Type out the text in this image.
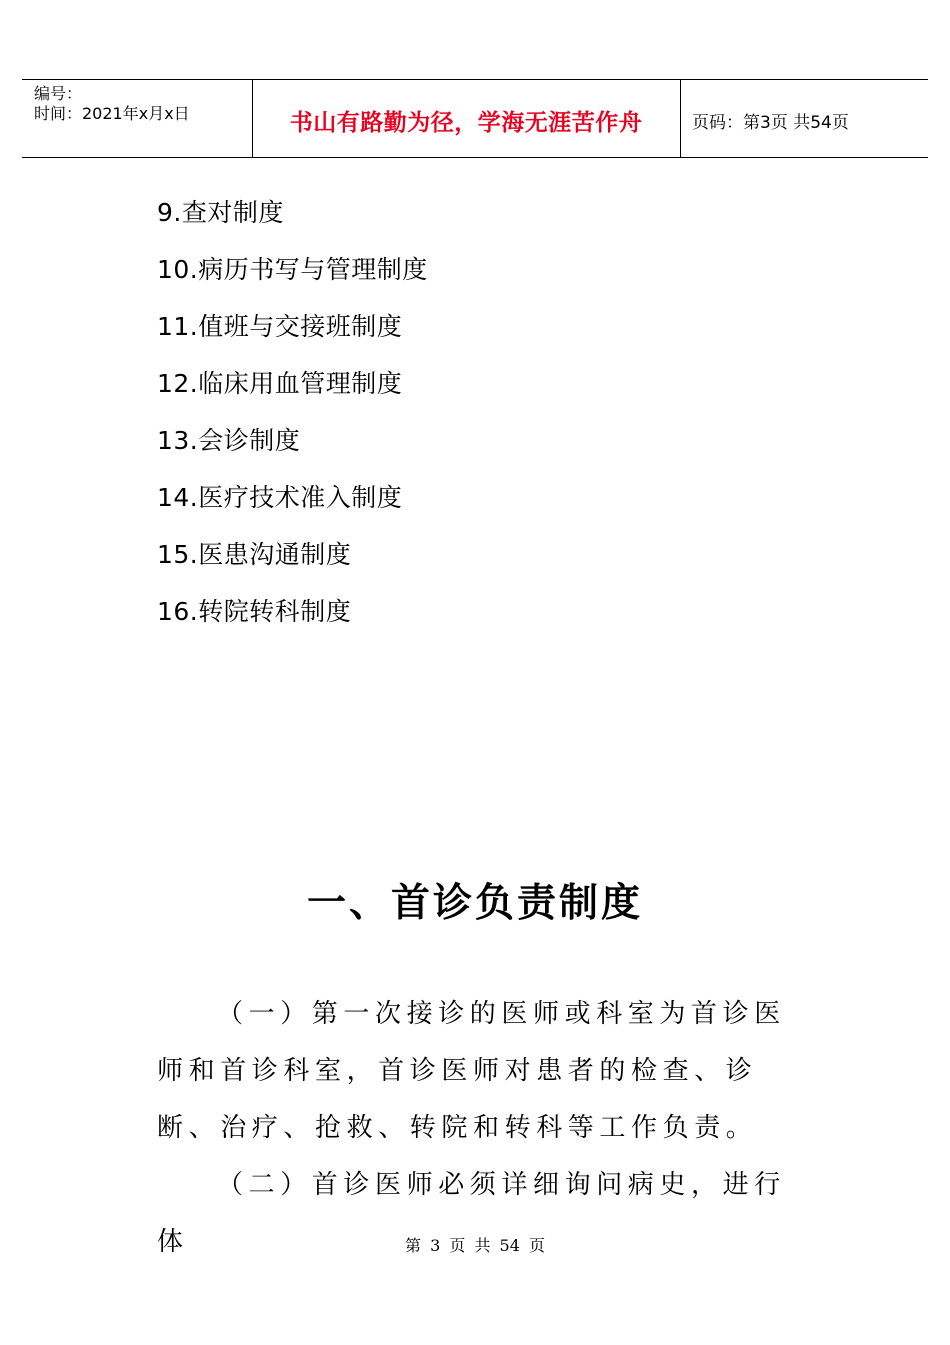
编号：
时间：2021年x月x日	书山有路勤为径，学海无涯苦作舟	页码：第3页 共54页
9.查对制度
10.病历书写与管理制度
11.值班与交接班制度
12.临床用血管理制度
13.会诊制度
14.医疗技术准入制度
15.医患沟通制度
16.转院转科制度
一、首诊负责制度

（一）第一次接诊的医师或科室为首诊医师和首诊科室，首诊医师对患者的检查、诊断、治疗、抢救、转院和转科等工作负责。

（二）首诊医师必须详细询问病史，进行体	第 3 页 共 54 页
